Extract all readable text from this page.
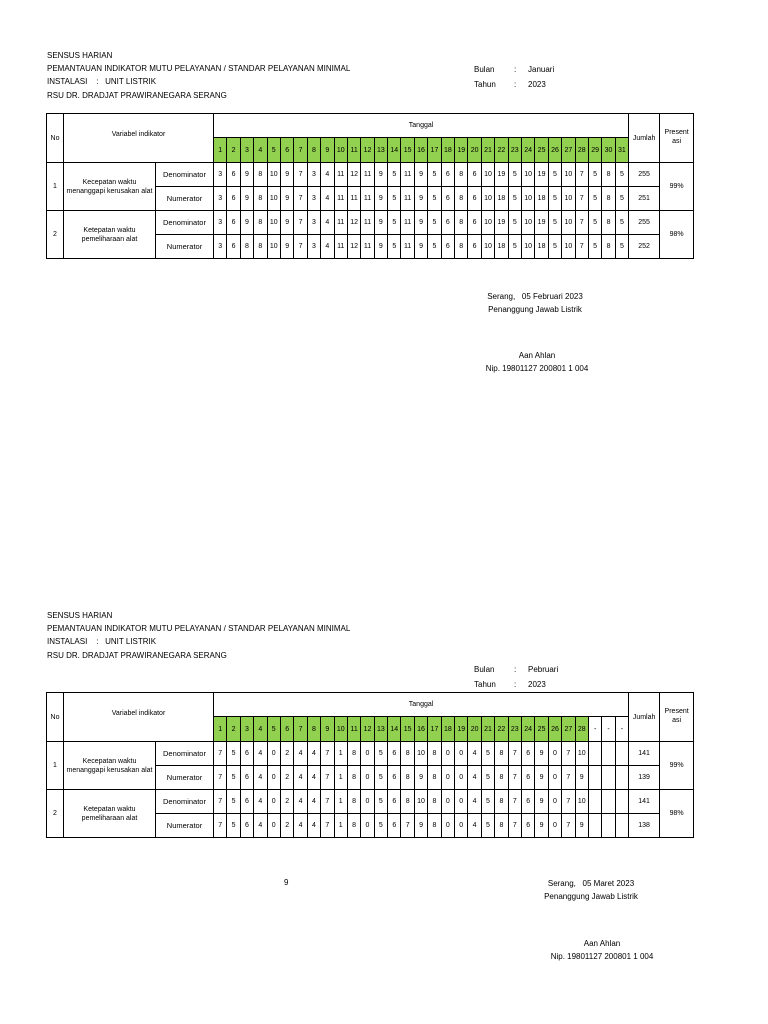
SENSUS HARIAN
PEMANTAUAN INDIKATOR MUTU PELAYANAN / STANDAR PELAYANAN MINIMAL
INSTALASI    :   UNIT LISTRIK
RSU DR. DRADJAT PRAWIRANEGARA SERANG
Bulan : Januari
Tahun : 2023
No	Variabel indikator		Tanggal																															Jumlah	Present asi
			1	2	3	4	5	6	7	8	9	10	11	12	13	14	15	16	17	18	19	20	21	22	23	24	25	26	27	28	29	30	31		
1	Kecepatan waktu menanggapi kerusakan alat	Denominator	3	6	9	8	10	9	7	3	4	11	12	11	9	5	11	9	5	6	8	6	10	19	5	10	19	5	10	7	5	8	5	255	99%
		Numerator	3	6	9	8	10	9	7	3	4	11	11	11	9	5	11	9	5	6	8	6	10	18	5	10	18	5	10	7	5	8	5	251	
2	Ketepatan waktu pemeliharaan alat	Denominator	3	6	9	8	10	9	7	3	4	11	12	11	9	5	11	9	5	6	8	6	10	19	5	10	19	5	10	7	5	8	5	255	98%
		Numerator	3	6	8	8	10	9	7	3	4	11	12	11	9	5	11	9	5	6	8	6	10	18	5	10	18	5	10	7	5	8	5	252	
Serang,   05 Februari 2023
Penanggung Jawab Listrik
Aan Ahlan
Nip. 19801127 200801 1 004
SENSUS HARIAN
PEMANTAUAN INDIKATOR MUTU PELAYANAN / STANDAR PELAYANAN MINIMAL
INSTALASI    :   UNIT LISTRIK
RSU DR. DRADJAT PRAWIRANEGARA SERANG
Bulan : Pebruari
Tahun : 2023
No	Variabel indikator		Tanggal																															Jumlah	Present asi
			1	2	3	4	5	6	7	8	9	10	11	12	13	14	15	16	17	18	19	20	21	22	23	24	25	26	27	28	-	-	-		
1	Kecepatan waktu menanggapi kerusakan alat	Denominator	7	5	6	4	0	2	4	4	7	1	8	0	5	6	8	10	8	0	0	4	5	8	7	6	9	0	7	10				141	99%
		Numerator	7	5	6	4	0	2	4	4	7	1	8	0	5	6	8	9	8	0	0	4	5	8	7	6	9	0	7	9				139	
2	Ketepatan waktu pemeliharaan alat	Denominator	7	5	6	4	0	2	4	4	7	1	8	0	5	6	8	10	8	0	0	4	5	8	7	6	9	0	7	10				141	98%
		Numerator	7	5	6	4	0	2	4	4	7	1	8	0	5	6	7	9	8	0	0	4	5	8	7	6	9	0	7	9				138	
9	Serang,   05 Maret 2023
Penanggung Jawab Listrik
Aan Ahlan
Nip. 19801127 200801 1 004
